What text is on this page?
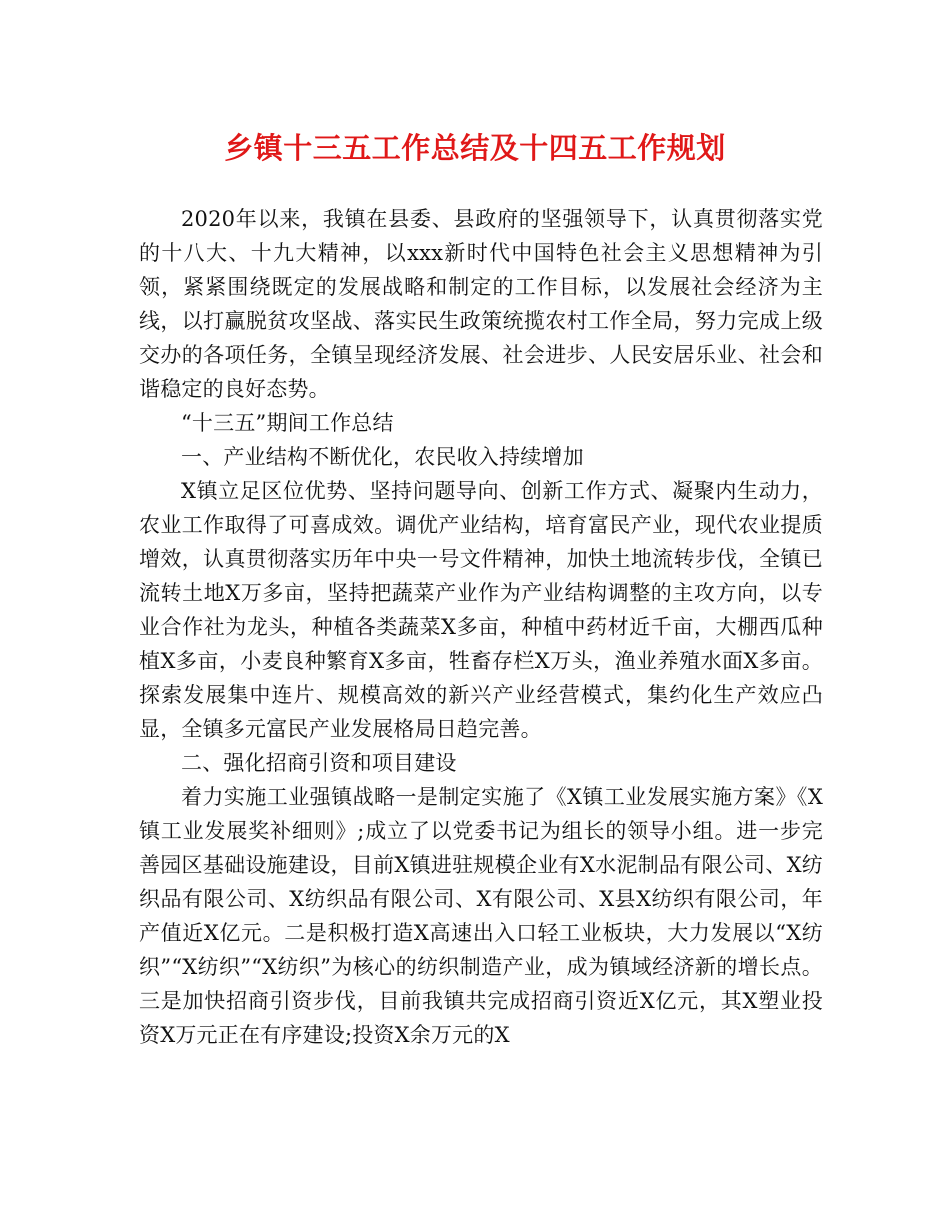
乡镇十三五工作总结及十四五工作规划

2020年以来，我镇在县委、县政府的坚强领导下，认真贯彻落实党的十八大、十九大精神，以xxx新时代中国特色社会主义思想精神为引领，紧紧围绕既定的发展战略和制定的工作目标，以发展社会经济为主线，以打赢脱贫攻坚战、落实民生政策统揽农村工作全局，努力完成上级交办的各项任务，全镇呈现经济发展、社会进步、人民安居乐业、社会和谐稳定的良好态势。

“十三五”期间工作总结

一、产业结构不断优化，农民收入持续增加

X镇立足区位优势、坚持问题导向、创新工作方式、凝聚内生动力，农业工作取得了可喜成效。调优产业结构，培育富民产业，现代农业提质增效，认真贯彻落实历年中央一号文件精神，加快土地流转步伐，全镇已流转土地X万多亩，坚持把蔬菜产业作为产业结构调整的主攻方向，以专业合作社为龙头，种植各类蔬菜X多亩，种植中药材近千亩，大棚西瓜种植X多亩，小麦良种繁育X多亩，牲畜存栏X万头，渔业养殖水面X多亩。探索发展集中连片、规模高效的新兴产业经营模式，集约化生产效应凸显，全镇多元富民产业发展格局日趋完善。

二、强化招商引资和项目建设

着力实施工业强镇战略一是制定实施了《X镇工业发展实施方案》《X镇工业发展奖补细则》;成立了以党委书记为组长的领导小组。进一步完善园区基础设施建设，目前X镇进驻规模企业有X水泥制品有限公司、X纺织品有限公司、X纺织品有限公司、X有限公司、X县X纺织有限公司，年产值近X亿元。二是积极打造X高速出入口轻工业板块，大力发展以“X纺织”“X纺织”“X纺织”为核心的纺织制造产业，成为镇域经济新的增长点。三是加快招商引资步伐，目前我镇共完成招商引资近X亿元，其X塑业投资X万元正在有序建设;投资X余万元的X
